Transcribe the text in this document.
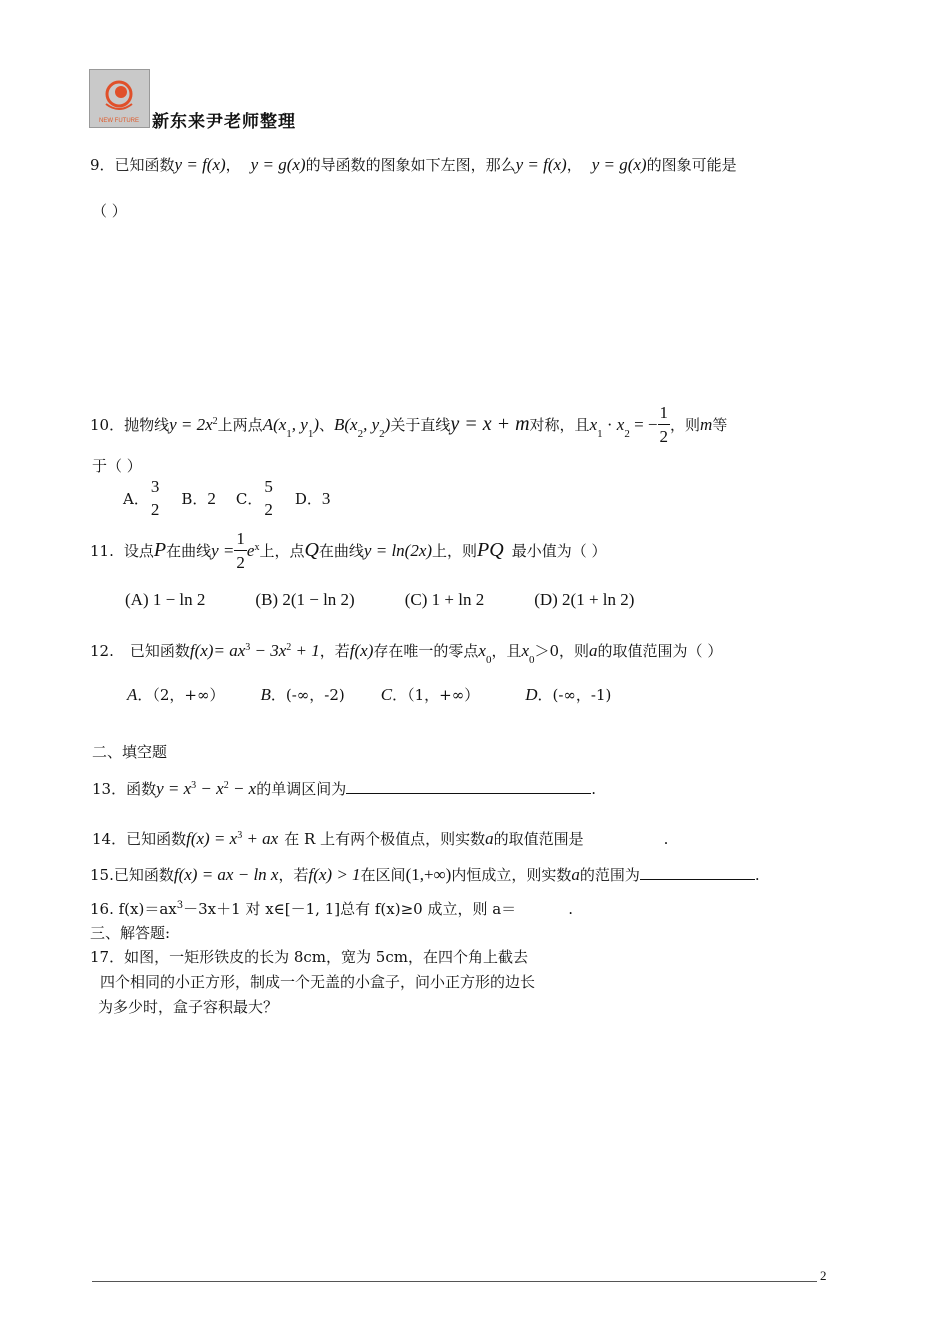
NEW FUTURE 新东来尹老师整理
9．已知函数y = f(x)， y = g(x)的导函数的图象如下左图，那么y = f(x)， y = g(x)的图象可能是
（ ）
10 ．抛物线 $y = 2x^2$ 上两点 $A(x_1$, $y_1$) 、 $B(x_2$, $y_2$) 关于直线 y = x + m 对称，且 $x_1 \cdot x_2$ = − $\frac{1}{2}$ ，则 m 等
于（ ）
A．
3
2
B．2 C．
5
2
D．3
11. 设点 P 在曲线 $y = \frac{1}{2} e^x$ 上，点 Q 在曲线 y = ln(2x) 上，则 PQ 最小值为（ ）
(A) 1 − ln 2	(B) 2(1 − ln 2)	(C) 1 + ln 2	(D) 2(1 + ln 2)
12. 已知函数$f(x)= ax^3 - 3x^2 + 1$，若f(x)存在唯一的零点$x_0$，且$x_0>0$，则a的取值范围为（ ）
A．（2，+∞） B．(-∞，-2) C．（1，+∞）	D．(-∞，-1)
二、填空题
13．函数$y = x^3 - x^2 - x$的单调区间为	.
14．已知函数$f(x) = x^3$ + ax 在 R 上有两个极值点，则实数a的取值范围是	.
15.已知函数f(x) = ax − ln x，若f(x) > 1在区间(1,+∞)内恒成立，则实数a的范围为	.
16. $f(x)=ax^3-3x+1$ 对 x∈[－1, 1]总有 f(x)≥0 成立，则 a＝	.
三、解答题:
17．如图，一矩形铁皮的长为 8cm，宽为 5cm，在四个角上截去
四个相同的小正方形，制成一个无盖的小盒子，问小正方形的边长
为多少时，盒子容积最大？
2
